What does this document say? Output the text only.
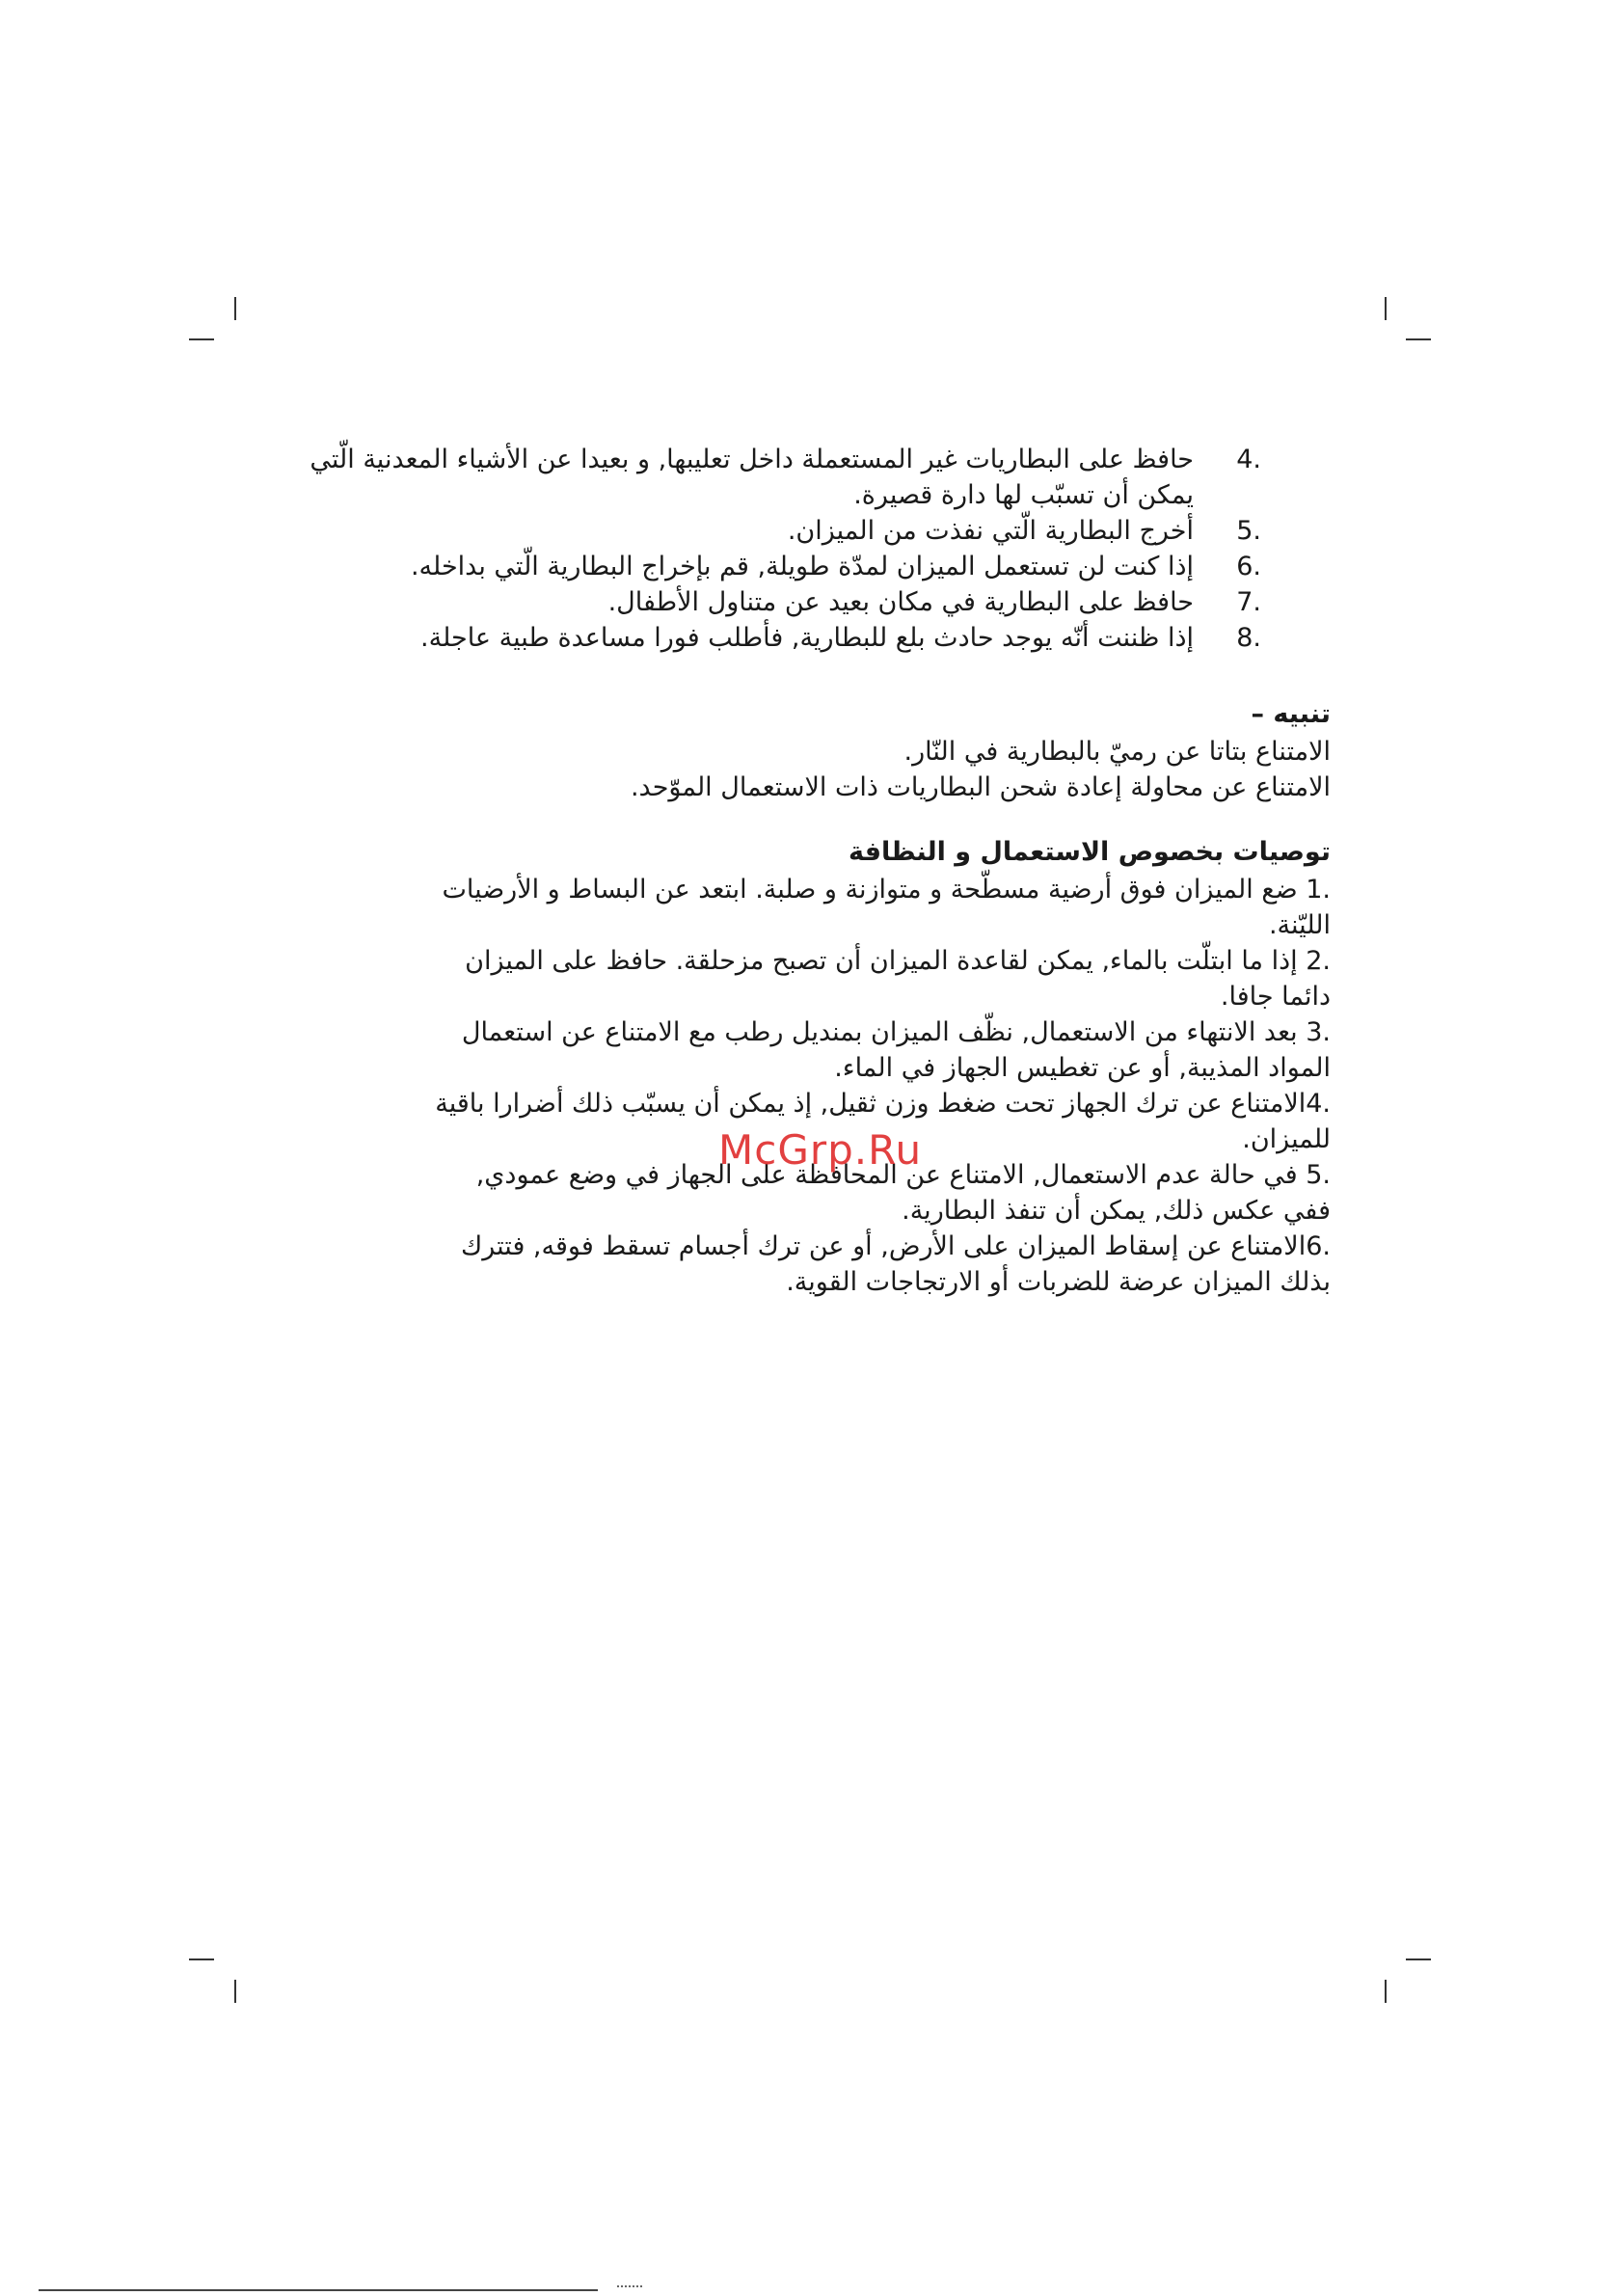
4.
حافظ على البطاريات غير المستعملة داخل تعليبها, و بعيدا عن الأشياء المعدنية الّتي يمكن أن تسبّب لها دارة قصيرة.
5.
أخرج البطارية الّتي نفذت من الميزان.
6.
إذا كنت لن تستعمل الميزان لمدّة طويلة, قم بإخراج البطارية الّتي بداخله.
7.
حافظ على البطارية في مكان بعيد عن متناول الأطفال.
8.
إذا ظننت أنّه يوجد حادث بلع للبطارية, فأطلب فورا مساعدة طبية عاجلة.
تنبيه –

الامتناع بتاتا عن رميّ بالبطارية في النّار.

الامتناع عن محاولة إعادة شحن البطاريات ذات الاستعمال الموّحد.

توصيات بخصوص الاستعمال و النظافة

.1 ضع الميزان فوق أرضية مسطّحة و متوازنة و صلبة. ابتعد عن البساط و الأرضيات الليّنة.

.2 إذا ما ابتلّت بالماء, يمكن لقاعدة الميزان أن تصبح مزحلقة. حافظ على الميزان دائما جافا.

.3 بعد الانتهاء من الاستعمال, نظّف الميزان بمنديل رطب مع الامتناع عن استعمال المواد المذيبة, أو عن تغطيس الجهاز في الماء.

.4الامتناع عن ترك الجهاز تحت ضغط وزن ثقيل, إذ يمكن أن يسبّب ذلك أضرارا باقية للميزان.

.5 في حالة عدم الاستعمال, الامتناع عن المحافظة على الجهاز في وضع عمودي, ففي عكس ذلك, يمكن أن تنفذ البطارية.

.6الامتناع عن إسقاط الميزان على الأرض, أو عن ترك أجسام تسقط فوقه, فتترك بذلك الميزان عرضة للضربات أو الارتجاجات القوية.

McGrp.Ru
